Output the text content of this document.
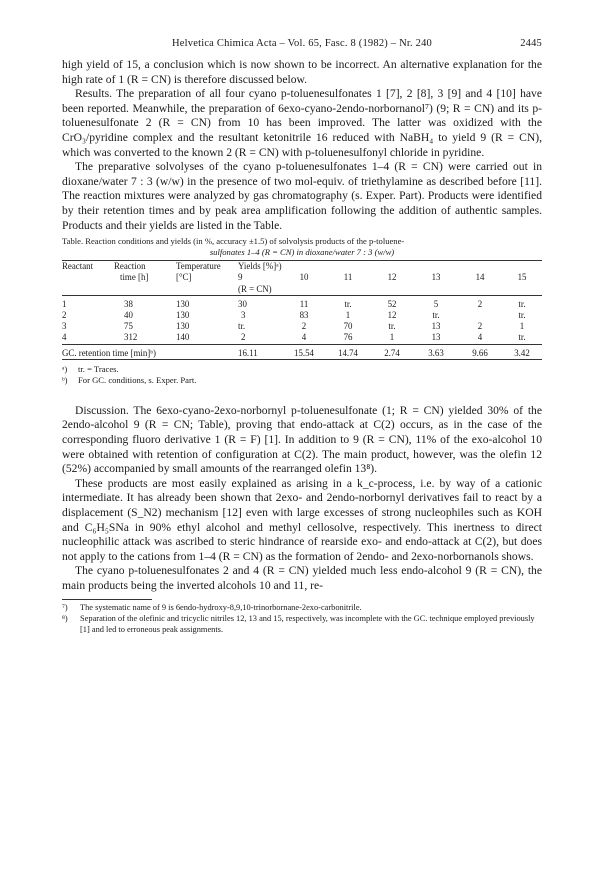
Helvetica Chimica Acta – Vol. 65, Fasc. 8 (1982) – Nr. 240	2445

high yield of 15, a conclusion which is now shown to be incorrect. An alternative explanation for the high rate of 1 (R = CN) is therefore discussed below.

Results. The preparation of all four cyano p-toluenesulfonates 1 [7], 2 [8], 3 [9] and 4 [10] have been reported. Meanwhile, the preparation of 6exo-cyano-2endo-norbornanol⁷) (9; R = CN) and its p-toluenesulfonate 2 (R = CN) from 10 has been improved. The latter was oxidized with the CrO₃/pyridine complex and the resultant ketonitrile 16 reduced with NaBH₄ to yield 9 (R = CN), which was converted to the known 2 (R = CN) with p-toluenesulfonyl chloride in pyridine.

The preparative solvolyses of the cyano p-toluenesulfonates 1–4 (R = CN) were carried out in dioxane/water 7 : 3 (w/w) in the presence of two mol-equiv. of triethylamine as described before [11]. The reaction mixtures were analyzed by gas chromatography (s. Exper. Part). Products were identified by their retention times and by peak area amplification following the addition of authentic samples. Products and their yields are listed in the Table.

Table. Reaction conditions and yields (in %, accuracy ±1.5) of solvolysis products of the p-toluene-
sulfonates 1–4 (R = CN) in dioxane/water 7 : 3 (w/w)
Reactant	Reaction	Temperature	Yields [%]ᵃ)						
	time [h]	[°C]	9	10	11	12	13	14	15
			(R = CN)						

1	38	130	30	11	tr.	52	5	2	tr.
2	40	130	3	83	1	12	tr.		tr.
3	75	130	tr.	2	70	tr.	13	2	1
4	312	140	2	4	76	1	13	4	tr.

GC. retention time [min]ᵇ)			16.11	15.54	14.74	2.74	3.63	9.66	3.42

ᵃ)	tr. = Traces.
ᵇ)	For GC. conditions, s. Exper. Part.

Discussion. The 6exo-cyano-2exo-norbornyl p-toluenesulfonate (1; R = CN) yielded 30% of the 2endo-alcohol 9 (R = CN; Table), proving that endo-attack at C(2) occurs, as in the case of the corresponding fluoro derivative 1 (R = F) [1]. In addition to 9 (R = CN), 11% of the exo-alcohol 10 were obtained with retention of configuration at C(2). The main product, however, was the olefin 12 (52%) accompanied by small amounts of the rearranged olefin 13⁸).

These products are most easily explained as arising in a k_c-process, i.e. by way of a cationic intermediate. It has already been shown that 2exo- and 2endo-norbornyl derivatives fail to react by a displacement (S_N2) mechanism [12] even with large excesses of strong nucleophiles such as KOH and C₆H₅SNa in 90% ethyl alcohol and methyl cellosolve, respectively. This inertness to direct nucleophilic attack was ascribed to steric hindrance of rearside exo- and endo-attack at C(2), but does not apply to the cations from 1–4 (R = CN) as the formation of 2endo- and 2exo-norbornanols shows.

The cyano p-toluenesulfonates 2 and 4 (R = CN) yielded much less endo-alcohol 9 (R = CN), the main products being the inverted alcohols 10 and 11, re-

⁷)	The systematic name of 9 is 6endo-hydroxy-8,9,10-trinorbornane-2exo-carbonitrile.
⁸)	Separation of the olefinic and tricyclic nitriles 12, 13 and 15, respectively, was incomplete with the GC. technique employed previously [1] and led to erroneous peak assignments.
